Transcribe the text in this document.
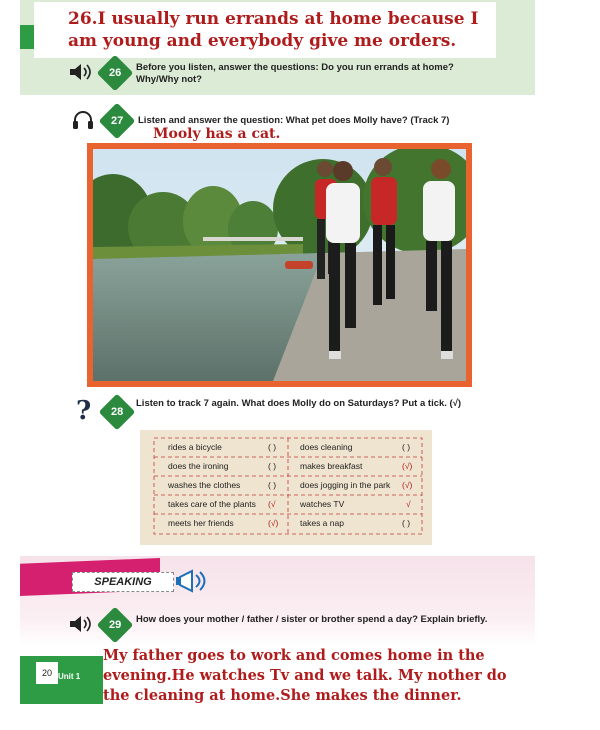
26.I usually run errands at home because I am young and everybody give me orders.

26	Before you listen, answer the questions: Do you run errands at home? Why/Why not?
27	Listen and answer the question: What pet does Molly have? (Track 7)
Mooly has a cat.
?	28
Listen to track 7 again. What does Molly do on Saturdays? Put a tick. (√)
rides a bicycle	( )
does the ironing	( )
washes the clothes	( )
takes care of the plants (√
meets her friends	(√)
does cleaning	( )
makes breakfast	(√)
does jogging in the park (√)
watches TV	√
takes a nap	( )
SPEAKING
29	How does your mother / father / sister or brother spend a day? Explain briefly.
20 Unit 1

My father goes to work and comes home in the evening.He watches Tv and we talk. My nother do the cleaning at home.She makes the dinner.
